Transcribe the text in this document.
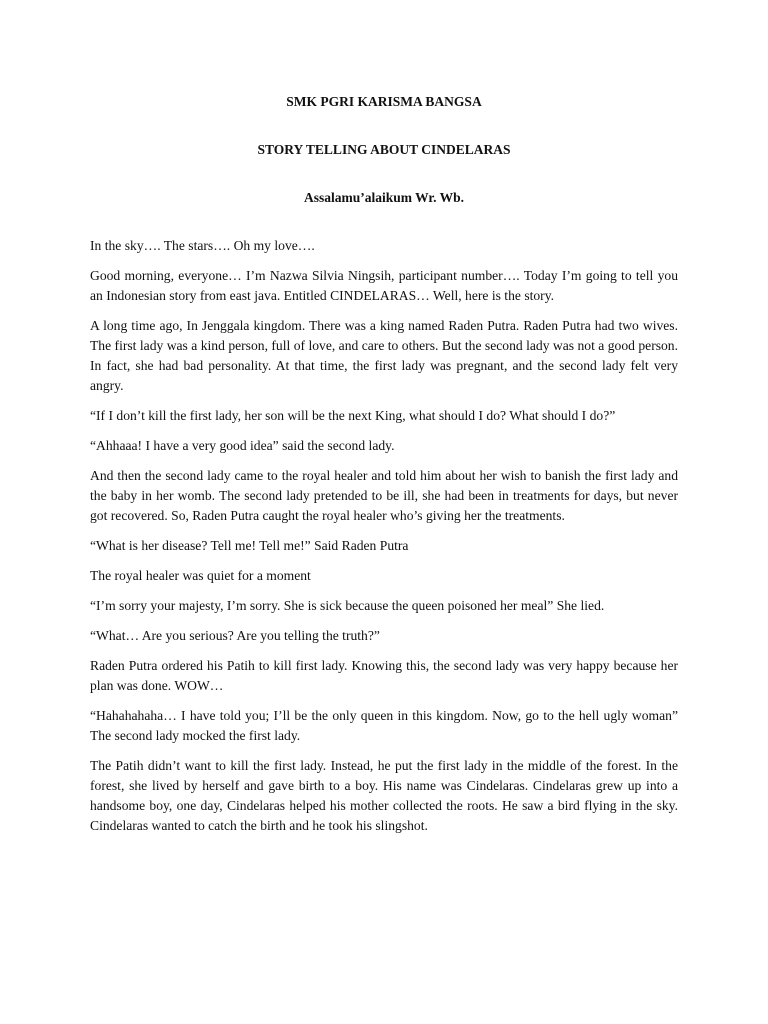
SMK PGRI KARISMA BANGSA

STORY TELLING ABOUT CINDELARAS

Assalamu’alaikum Wr. Wb.

In the sky…. The stars…. Oh my love….

Good morning, everyone… I’m Nazwa Silvia Ningsih, participant number…. Today I’m going to tell you an Indonesian story from east java. Entitled CINDELARAS… Well, here is the story.

A long time ago, In Jenggala kingdom. There was a king named Raden Putra. Raden Putra had two wives. The first lady was a kind person, full of love, and care to others. But the second lady was not a good person. In fact, she had bad personality. At that time, the first lady was pregnant, and the second lady felt very angry.

“If I don’t kill the first lady, her son will be the next King, what should I do? What should I do?”

“Ahhaaa! I have a very good idea” said the second lady.

And then the second lady came to the royal healer and told him about her wish to banish the first lady and the baby in her womb. The second lady pretended to be ill, she had been in treatments for days, but never got recovered. So, Raden Putra caught the royal healer who’s giving her the treatments.

“What is her disease? Tell me! Tell me!” Said Raden Putra

The royal healer was quiet for a moment

“I’m sorry your majesty, I’m sorry. She is sick because the queen poisoned her meal” She lied.

“What… Are you serious? Are you telling the truth?”

Raden Putra ordered his Patih to kill first lady. Knowing this, the second lady was very happy because her plan was done. WOW…

“Hahahahaha… I have told you; I’ll be the only queen in this kingdom. Now, go to the hell ugly woman” The second lady mocked the first lady.

The Patih didn’t want to kill the first lady. Instead, he put the first lady in the middle of the forest. In the forest, she lived by herself and gave birth to a boy. His name was Cindelaras. Cindelaras grew up into a handsome boy, one day, Cindelaras helped his mother collected the roots. He saw a bird flying in the sky. Cindelaras wanted to catch the birth and he took his slingshot.
